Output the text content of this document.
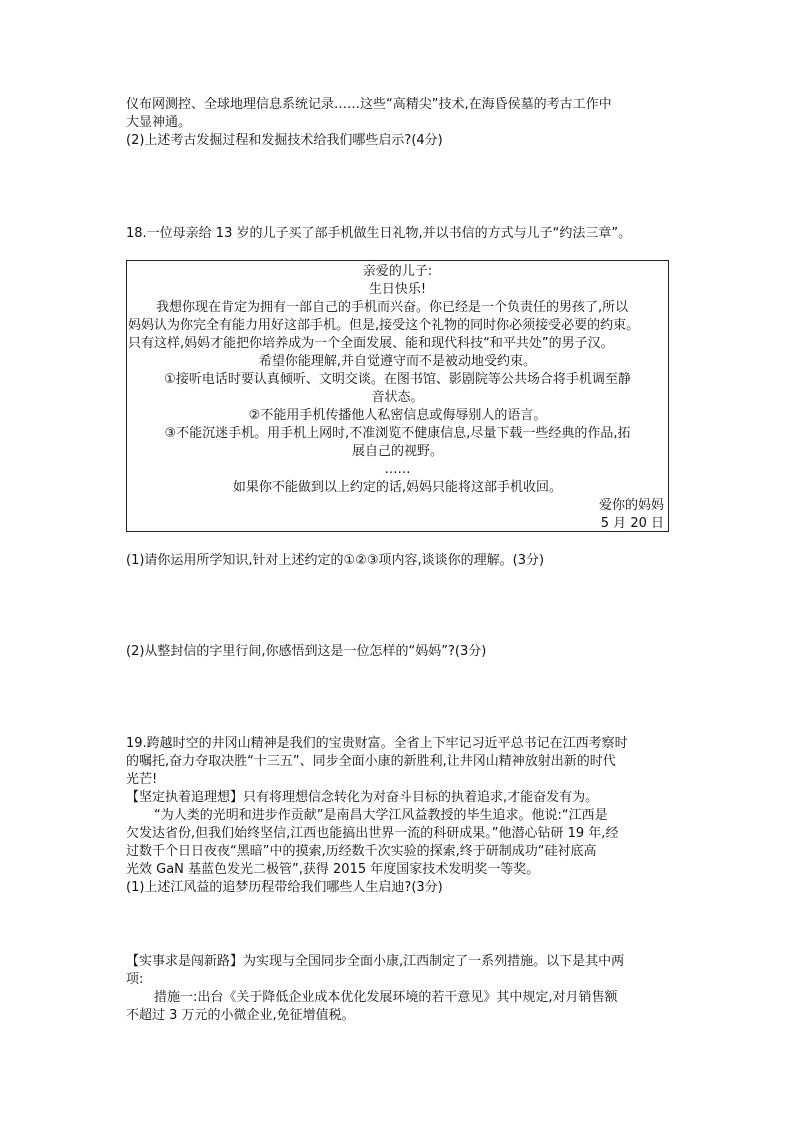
仪布网测控、全球地理信息系统记录……这些“高精尖”技术,在海昏侯墓的考古工作中
大显神通。
(2)上述考古发掘过程和发掘技术给我们哪些启示?(4分)
18.一位母亲给 13 岁的儿子买了部手机做生日礼物,并以书信的方式与儿子“约法三章”。
亲爱的儿子:
生日快乐!
我想你现在肯定为拥有一部自己的手机而兴奋。你已经是一个负责任的男孩了,所以
妈妈认为你完全有能力用好这部手机。但是,接受这个礼物的同时你必须接受必要的约束。
只有这样,妈妈才能把你培养成为一个全面发展、能和现代科技“和平共处”的男子汉。
希望你能理解,并自觉遵守而不是被动地受约束。
①接听电话时要认真倾听、文明交谈。在图书馆、影剧院等公共场合将手机调至静
音状态。
②不能用手机传播他人私密信息或侮辱别人的语言。
③不能沉迷手机。用手机上网时,不准浏览不健康信息,尽量下载一些经典的作品,拓
展自己的视野。
……
如果你不能做到以上约定的话,妈妈只能将这部手机收回。
爱你的妈妈
5 月 20 日
(1)请你运用所学知识,针对上述约定的①②③项内容,谈谈你的理解。(3分)
(2)从整封信的字里行间,你感悟到这是一位怎样的“妈妈”?(3分)
19.跨越时空的井冈山精神是我们的宝贵财富。全省上下牢记习近平总书记在江西考察时
的嘱托,奋力夺取决胜“十三五”、同步全面小康的新胜利,让井冈山精神放射出新的时代
光芒!
【坚定执着追理想】只有将理想信念转化为对奋斗目标的执着追求,才能奋发有为。
“为人类的光明和进步作贡献”是南昌大学江风益教授的毕生追求。他说:“江西是
欠发达省份,但我们始终坚信,江西也能搞出世界一流的科研成果。”他潜心钻研 19 年,经
过数千个日日夜夜“黑暗”中的摸索,历经数千次实验的探索,终于研制成功“硅衬底高
光效 GaN 基蓝色发光二极管”,获得 2015 年度国家技术发明奖一等奖。
(1)上述江风益的追梦历程带给我们哪些人生启迪?(3分)
【实事求是闯新路】为实现与全国同步全面小康,江西制定了一系列措施。以下是其中两
项:
措施一:出台《关于降低企业成本优化发展环境的若干意见》其中规定,对月销售额
不超过 3 万元的小微企业,免征增值税。
